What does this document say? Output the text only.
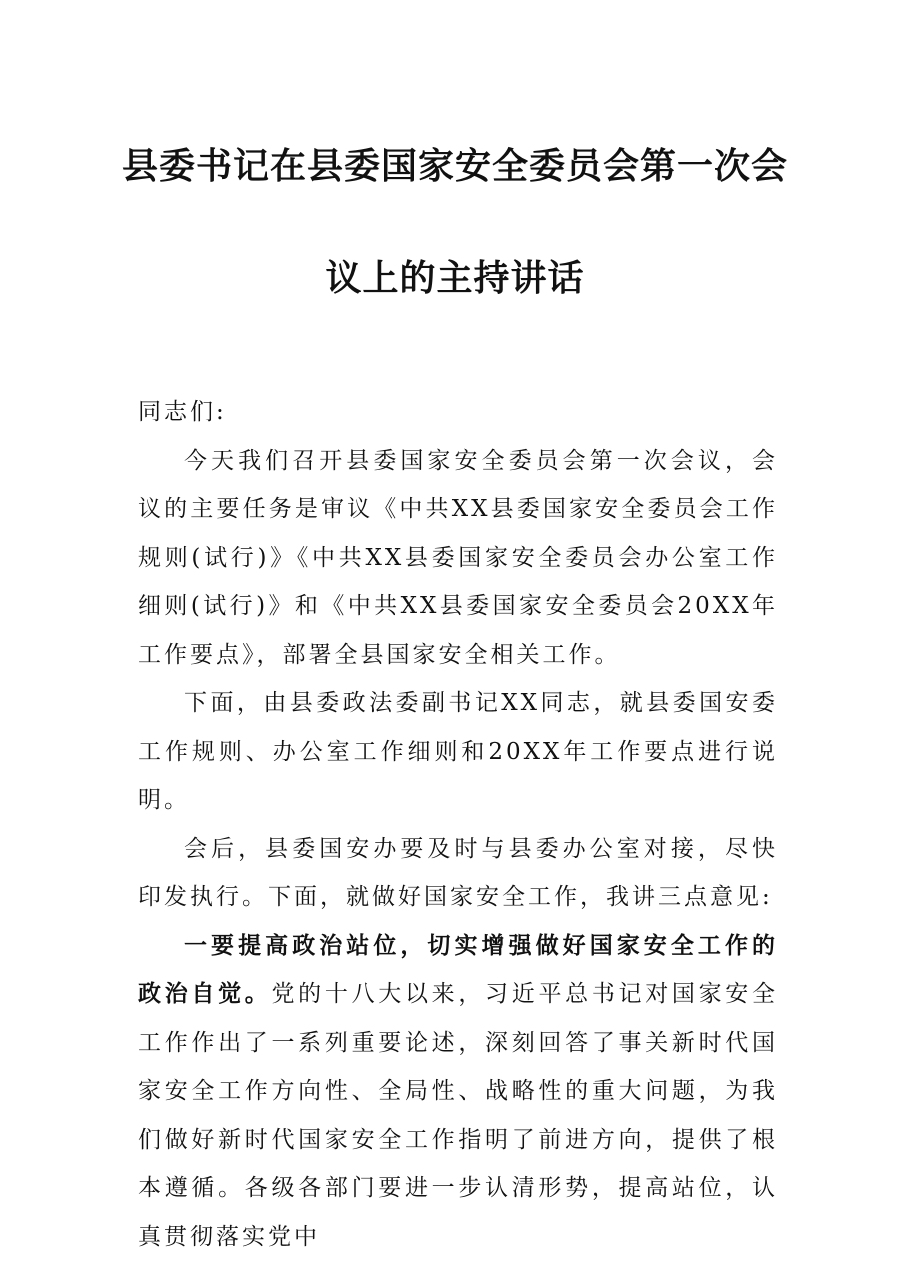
县委书记在县委国家安全委员会第一次会
议上的主持讲话

同志们:

今天我们召开县委国家安全委员会第一次会议，会议的主要任务是审议《中共XX县委国家安全委员会工作规则(试行)》《中共XX县委国家安全委员会办公室工作细则(试行)》和《中共XX县委国家安全委员会20XX年工作要点》，部署全县国家安全相关工作。

下面，由县委政法委副书记XX同志，就县委国安委工作规则、办公室工作细则和20XX年工作要点进行说明。

会后，县委国安办要及时与县委办公室对接，尽快印发执行。下面，就做好国家安全工作，我讲三点意见:

一要提高政治站位，切实增强做好国家安全工作的政治自觉。党的十八大以来，习近平总书记对国家安全工作作出了一系列重要论述，深刻回答了事关新时代国家安全工作方向性、全局性、战略性的重大问题，为我们做好新时代国家安全工作指明了前进方向，提供了根本遵循。各级各部门要进一步认清形势，提高站位，认真贯彻落实党中
